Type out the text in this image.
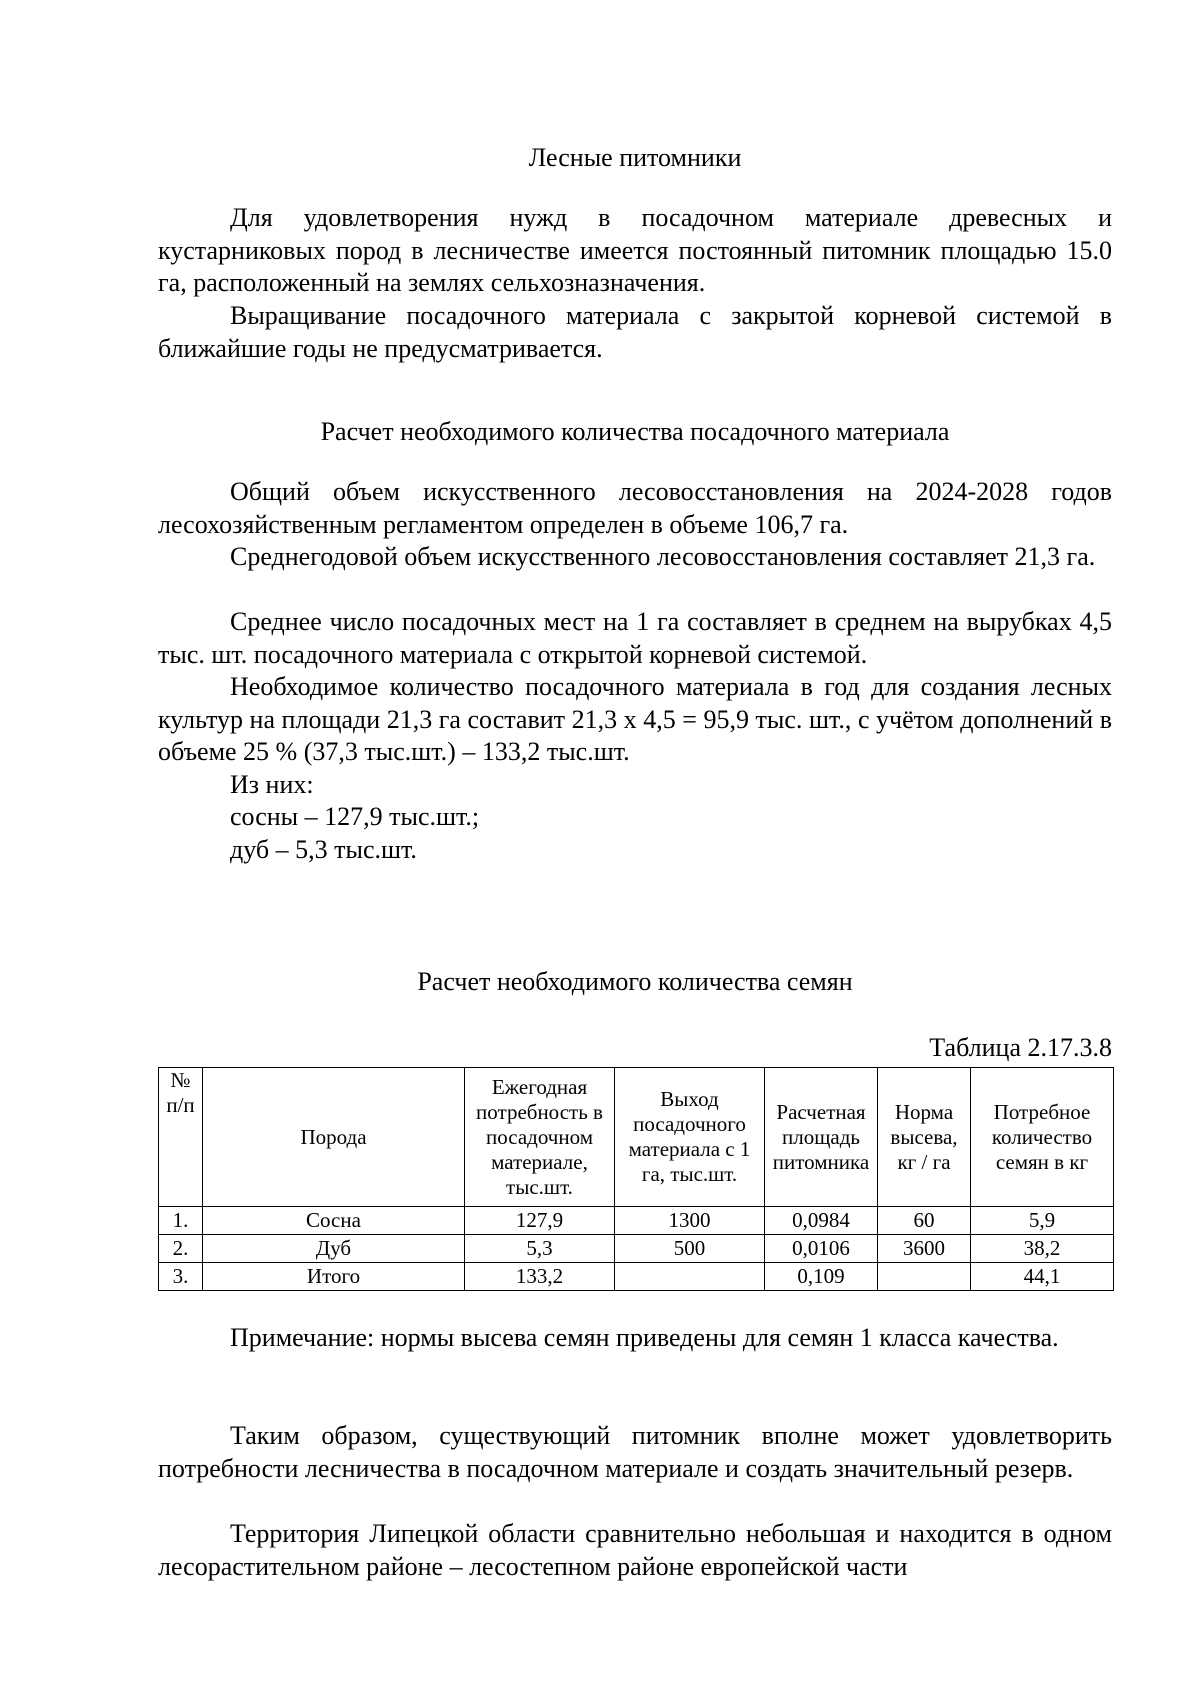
Лесные питомники

Для удовлетворения нужд в посадочном материале древесных и кустарниковых пород в лесничестве имеется постоянный питомник площадью 15.0 га, расположенный на землях сельхозназначения.

Выращивание посадочного материала с закрытой корневой системой в ближайшие годы не предусматривается.

Расчет необходимого количества посадочного материала

Общий объем искусственного лесовосстановления на 2024-2028 годов лесохозяйственным регламентом определен в объеме 106,7 га.

Среднегодовой объем искусственного лесовосстановления составляет 21,3 га.

Среднее число посадочных мест на 1 га составляет в среднем на вырубках 4,5 тыс. шт. посадочного материала с открытой корневой системой.

Необходимое количество посадочного материала в год для создания лесных культур на площади 21,3 га составит 21,3 х 4,5 = 95,9 тыс. шт., с учётом дополнений в объеме 25 % (37,3 тыс.шт.) – 133,2 тыс.шт.

Из них:
сосны – 127,9 тыс.шт.;
дуб – 5,3 тыс.шт.
Расчет необходимого количества семян
Таблица 2.17.3.8
№ п/п	Порода	Ежегодная потребность в посадочном материале, тыс.шт.	Выход посадочного материала с 1 га, тыс.шт.	Расчетная площадь питомника	Норма высева, кг / га	Потребное количество семян в кг
1.	Сосна	127,9	1300	0,0984	60	5,9
2.	Дуб	5,3	500	0,0106	3600	38,2
3.	Итого	133,2		0,109		44,1

Примечание: нормы высева семян приведены для семян 1 класса качества.

Таким образом, существующий питомник вполне может удовлетворить потребности лесничества в посадочном материале и создать значительный резерв.

Территория Липецкой области сравнительно небольшая и находится в одном лесорастительном районе – лесостепном районе европейской части
